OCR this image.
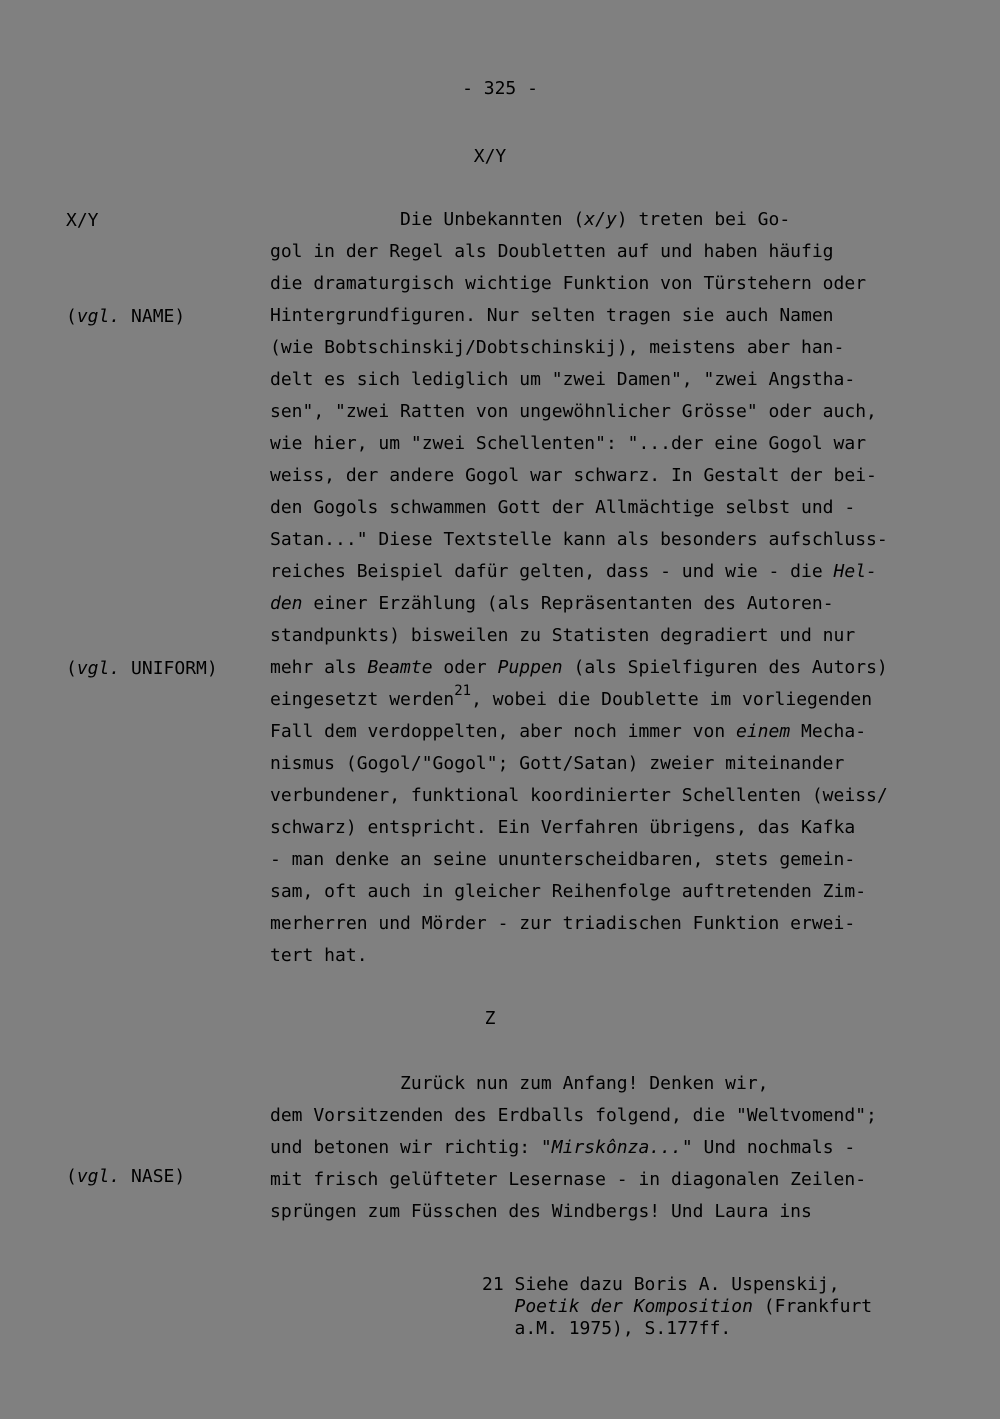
- 325 -
X/Y
X/Y
(vgl. NAME)
(vgl. UNIFORM)
(vgl. NASE)
Die Unbekannten (x/y) treten bei Go-
gol in der Regel als Doubletten auf und haben häufig
die dramaturgisch wichtige Funktion von Türstehern oder
Hintergrundfiguren. Nur selten tragen sie auch Namen
(wie Bobtschinskij/Dobtschinskij), meistens aber han-
delt es sich lediglich um "zwei Damen", "zwei Angstha-
sen", "zwei Ratten von ungewöhnlicher Grösse" oder auch,
wie hier, um "zwei Schellenten": "...der eine Gogol war
weiss, der andere Gogol war schwarz. In Gestalt der bei-
den Gogols schwammen Gott der Allmächtige selbst und -
Satan..." Diese Textstelle kann als besonders aufschluss-
reiches Beispiel dafür gelten, dass - und wie - die Hel-
den einer Erzählung (als Repräsentanten des Autoren-
standpunkts) bisweilen zu Statisten degradiert und nur
mehr als Beamte oder Puppen (als Spielfiguren des Autors)
eingesetzt werden$^{21}$, wobei die Doublette im vorliegenden
Fall dem verdoppelten, aber noch immer von einem Mecha-
nismus (Gogol/"Gogol"; Gott/Satan) zweier miteinander
verbundener, funktional koordinierter Schellenten (weiss/
schwarz) entspricht. Ein Verfahren übrigens, das Kafka
- man denke an seine ununterscheidbaren, stets gemein-
sam, oft auch in gleicher Reihenfolge auftretenden Zim-
merherren und Mörder - zur triadischen Funktion erwei-
tert hat.
Z
Zurück nun zum Anfang! Denken wir,
dem Vorsitzenden des Erdballs folgend, die "Weltvomend";
und betonen wir richtig: "Mirskônza..." Und nochmals -
mit frisch gelüfteter Lesernase - in diagonalen Zeilen-
sprüngen zum Füsschen des Windbergs! Und Laura ins
21 Siehe dazu Boris A. Uspenskij,
Poetik der Komposition (Frankfurt
a.M. 1975), S.177ff.
